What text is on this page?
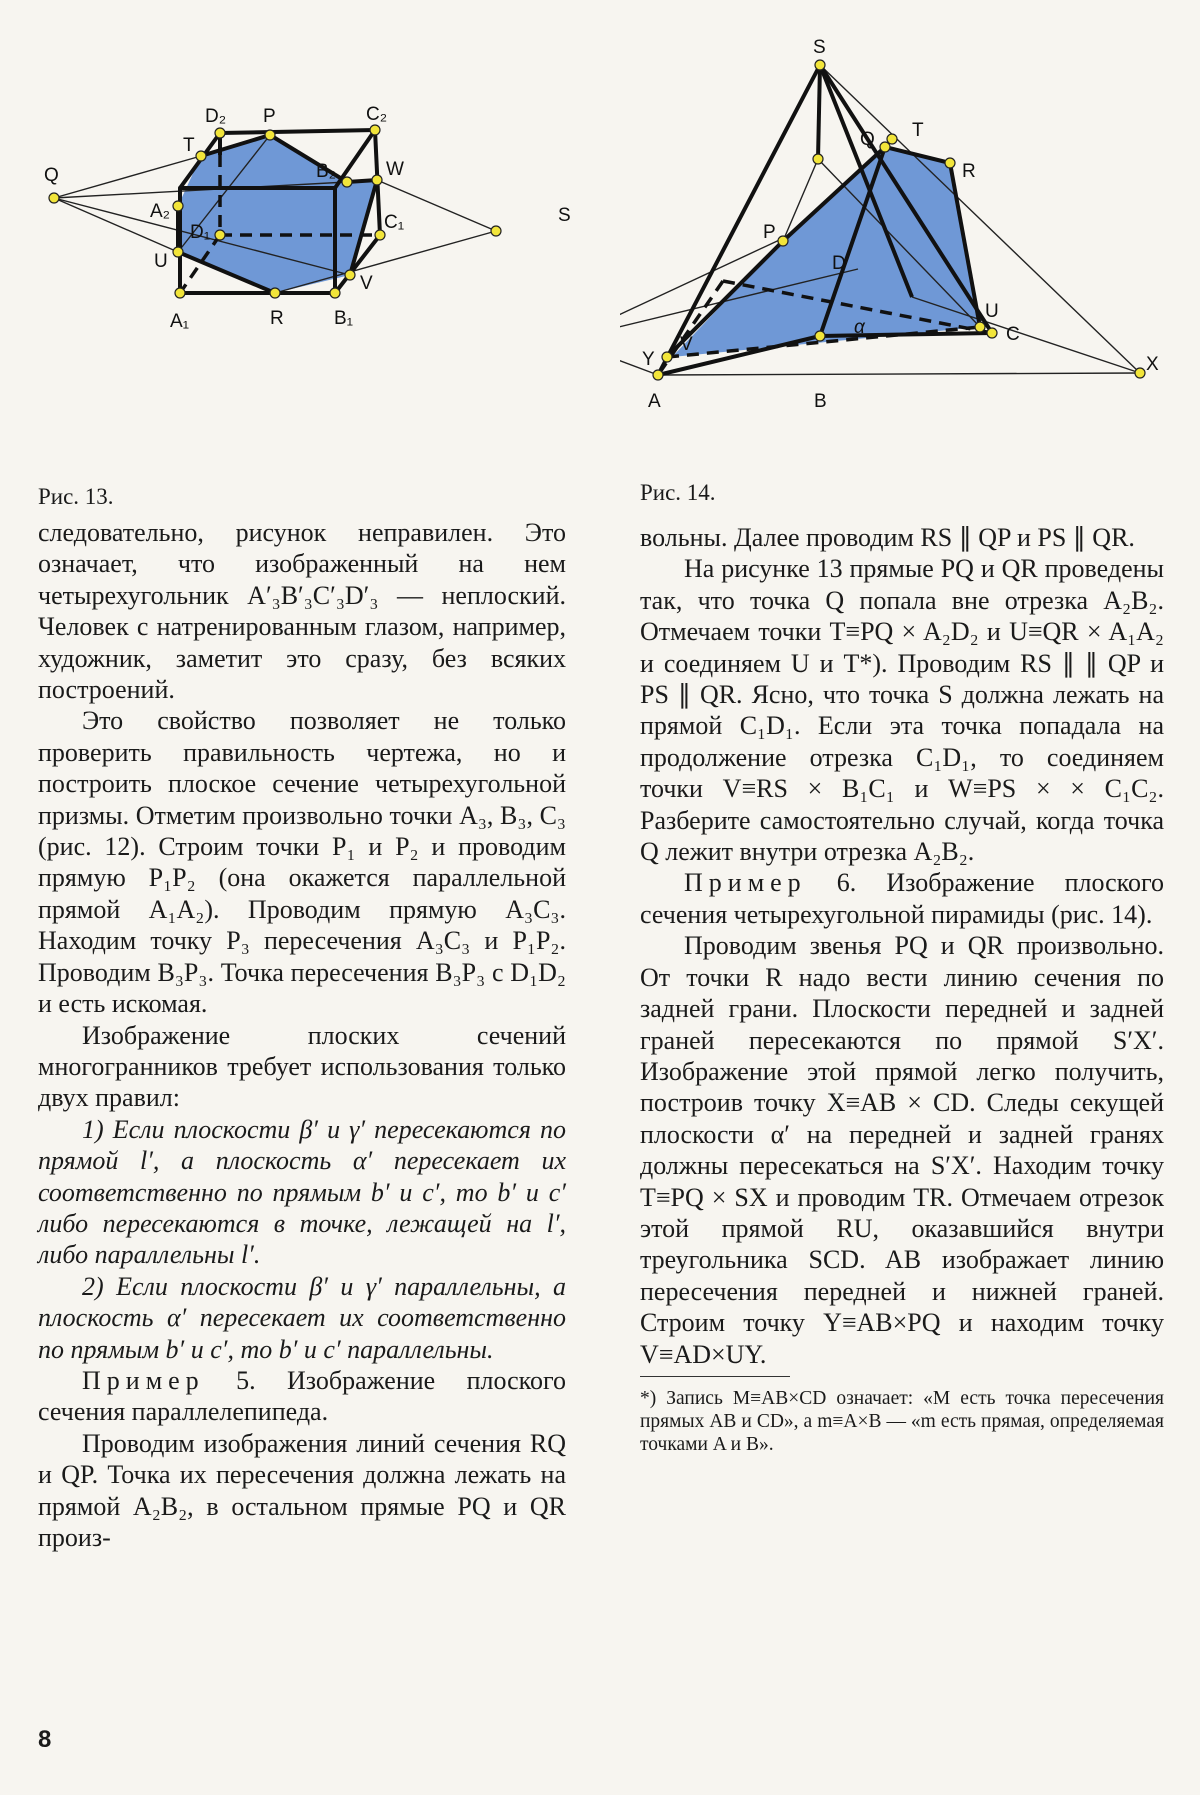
Q
D₂ P	C₂
T
B₂	W
A₂
D₁	C₁	S
U
V
A₁	R	B₁
S
T
Q
R
P
D
U
α	C
Y	X
V
A	B
Рис. 13.	Рис. 14.

следовательно, рисунок неправилен. Это означает, что изображенный на нем четырехугольник A′₃B′₃C′₃D′₃ — неплоский. Человек с натренированным глазом, например, художник, заметит это сразу, без всяких построений.

Это свойство позволяет не только проверить правильность чертежа, но и построить плоское сечение четырехугольной призмы. Отметим произвольно точки A₃, B₃, C₃ (рис. 12). Строим точки P₁ и P₂ и проводим прямую P₁P₂ (она окажется параллельной прямой A₁A₂). Проводим прямую A₃C₃. Находим точку P₃ пересечения A₃C₃ и P₁P₂. Проводим B₃P₃. Точка пересечения B₃P₃ с D₁D₂ и есть искомая.

Изображение плоских сечений многогранников требует использования только двух правил:

1) Если плоскости β′ и γ′ пересекаются по прямой l′, а плоскость α′ пересекает их соответственно по прямым b′ и c′, то b′ и c′ либо пересекаются в точке, лежащей на l′, либо параллельны l′.

2) Если плоскости β′ и γ′ параллельны, а плоскость α′ пересекает их соответственно по прямым b′ и c′, то b′ и c′ параллельны.

Пример 5. Изображение плоского сечения параллелепипеда.

Проводим изображения линий сечения RQ и QP. Точка их пересечения должна лежать на прямой A₂B₂, в остальном прямые PQ и QR произ-

вольны. Далее проводим RS ∥ QP и PS ∥ QR.

На рисунке 13 прямые PQ и QR проведены так, что точка Q попала вне отрезка A₂B₂. Отмечаем точки T≡PQ × A₂D₂ и U≡QR × A₁A₂ и соединяем U и T*). Проводим RS ∥ ∥ QP и PS ∥ QR. Ясно, что точка S должна лежать на прямой C₁D₁. Если эта точка попадала на продолжение отрезка C₁D₁, то соединяем точки V≡RS × B₁C₁ и W≡PS × × C₁C₂. Разберите самостоятельно случай, когда точка Q лежит внутри отрезка A₂B₂.

Пример 6. Изображение плоского сечения четырехугольной пирамиды (рис. 14).

Проводим звенья PQ и QR произвольно. От точки R надо вести линию сечения по задней грани. Плоскости передней и задней граней пересекаются по прямой S′X′. Изображение этой прямой легко получить, построив точку X≡AB × CD. Следы секущей плоскости α′ на передней и задней гранях должны пересекаться на S′X′. Находим точку T≡PQ × SX и проводим TR. Отмечаем отрезок этой прямой RU, оказавшийся внутри треугольника SCD. AB изображает линию пересечения передней и нижней граней. Строим точку Y≡AB×PQ и находим точку V≡AD×UY.

*) Запись M≡AB×CD означает: «M есть точка пересечения прямых AB и CD», а m≡A×B — «m есть прямая, определяемая точками A и B».

8
